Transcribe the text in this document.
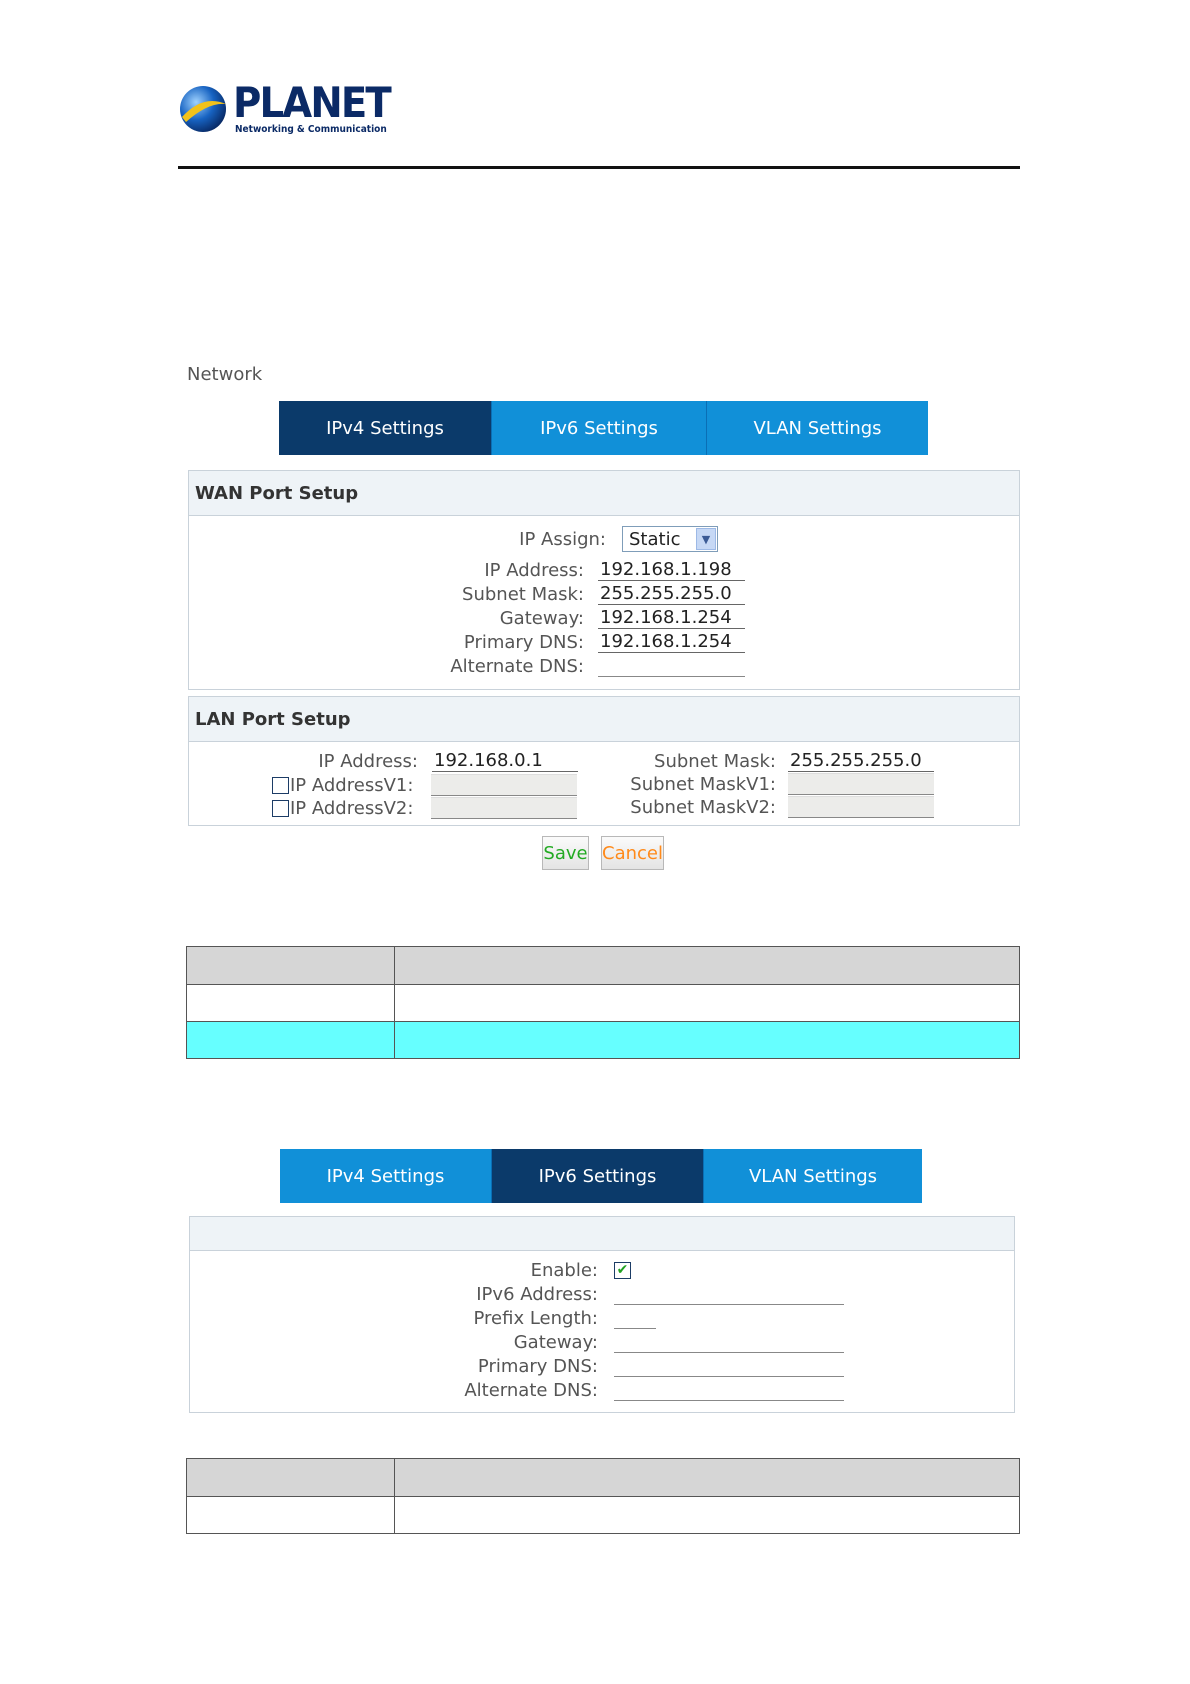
PLANET
Networking & Communication
Network
IPv4 Settings	IPv6 Settings	VLAN Settings
WAN Port Setup
IP Assign: Static	▼
IP Address: 192.168.1.198
Subnet Mask: 255.255.255.0
Gateway: 192.168.1.254
Primary DNS: 192.168.1.254
Alternate DNS:
LAN Port Setup
IP Address: 192.168.0.1
IP AddressV1:
IP AddressV2:
Subnet Mask: 255.255.255.0
Subnet MaskV1:
Subnet MaskV2:
Save Cancel

IPv4 Settings	IPv6 Settings	VLAN Settings
Enable: ✔
IPv6 Address:
Prefix Length:
Gateway:
Primary DNS:
Alternate DNS:
